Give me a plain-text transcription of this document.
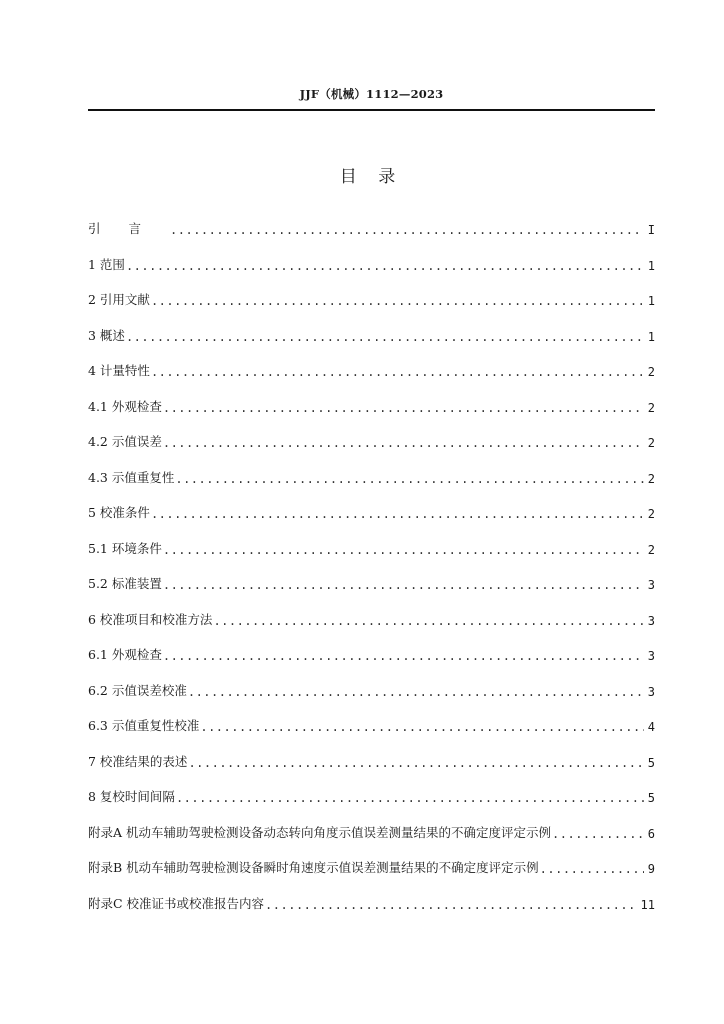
JJF（机械）1112—2023
目 录
引言 .....	I
1 范围 .....	1
2 引用文献 .....	1
3 概述 .....	1
4 计量特性 .....	2
4.1 外观检查 .....	2
4.2 示值误差 .....	2
4.3 示值重复性 .....	2
5 校准条件 .....	2
5.1 环境条件 .....	2
5.2 标准装置 .....	3
6 校准项目和校准方法 .....	3
6.1 外观检查 .....	3
6.2 示值误差校准 .....	3
6.3 示值重复性校准 .....	4
7 校准结果的表述 .....	5
8 复校时间间隔 .....	5
附录A 机动车辅助驾驶检测设备动态转向角度示值误差测量结果的不确定度评定示例 .....	6
附录B 机动车辅助驾驶检测设备瞬时角速度示值误差测量结果的不确定度评定示例 .....	9
附录C 校准证书或校准报告内容 .....	11
